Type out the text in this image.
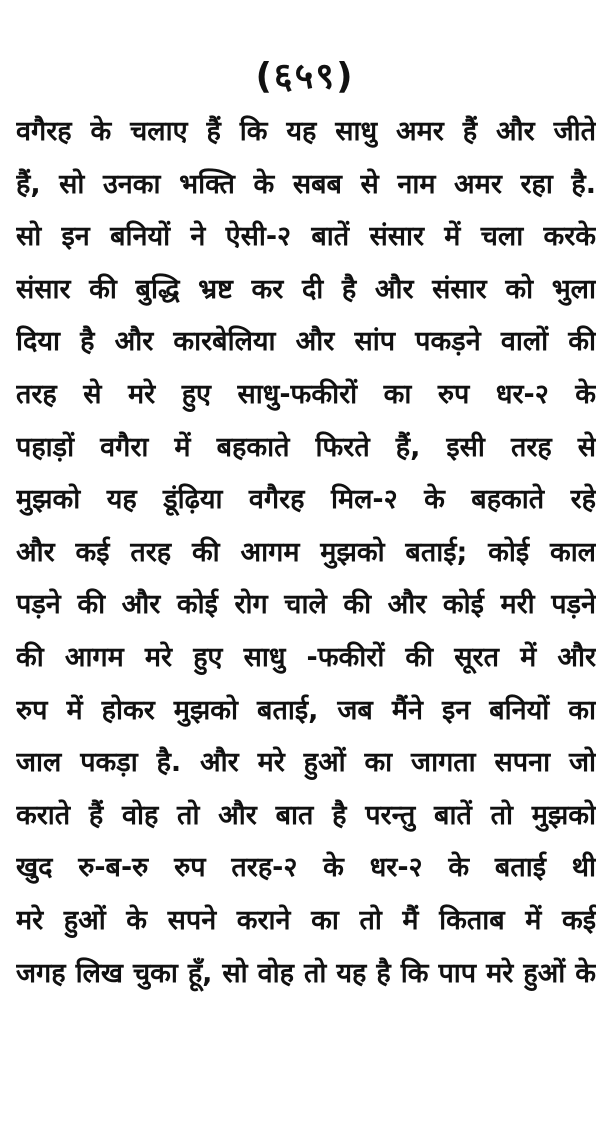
(६५९)
वगैरह के चलाए हैं कि यह साधु अमर हैं और जीते
हैं, सो उनका भक्ति के सबब से नाम अमर रहा है.
सो इन बनियों ने ऐसी-२ बातें संसार में चला करके
संसार की बुद्धि भ्रष्ट कर दी है और संसार को भुला
दिया है और कारबेलिया और सांप पकड़ने वालों की
तरह से मरे हुए साधु-फकीरों का रुप धर-२ के
पहाड़ों वगैरा में बहकाते फिरते हैं, इसी तरह से
मुझको यह डूंढ़िया वगैरह मिल-२ के बहकाते रहे
और कई तरह की आगम मुझको बताई; कोई काल
पड़ने की और कोई रोग चाले की और कोई मरी पड़ने
की आगम मरे हुए साधु -फकीरों की सूरत में और
रुप में होकर मुझको बताई, जब मैंने इन बनियों का
जाल पकड़ा है. और मरे हुओं का जागता सपना जो
कराते हैं वोह तो और बात है परन्तु बातें तो मुझको
खुद रु-ब-रु रुप तरह-२ के धर-२ के बताई थी
मरे हुओं के सपने कराने का तो मैं किताब में कई
जगह लिख चुका हूँ, सो वोह तो यह है कि पाप मरे हुओं के
